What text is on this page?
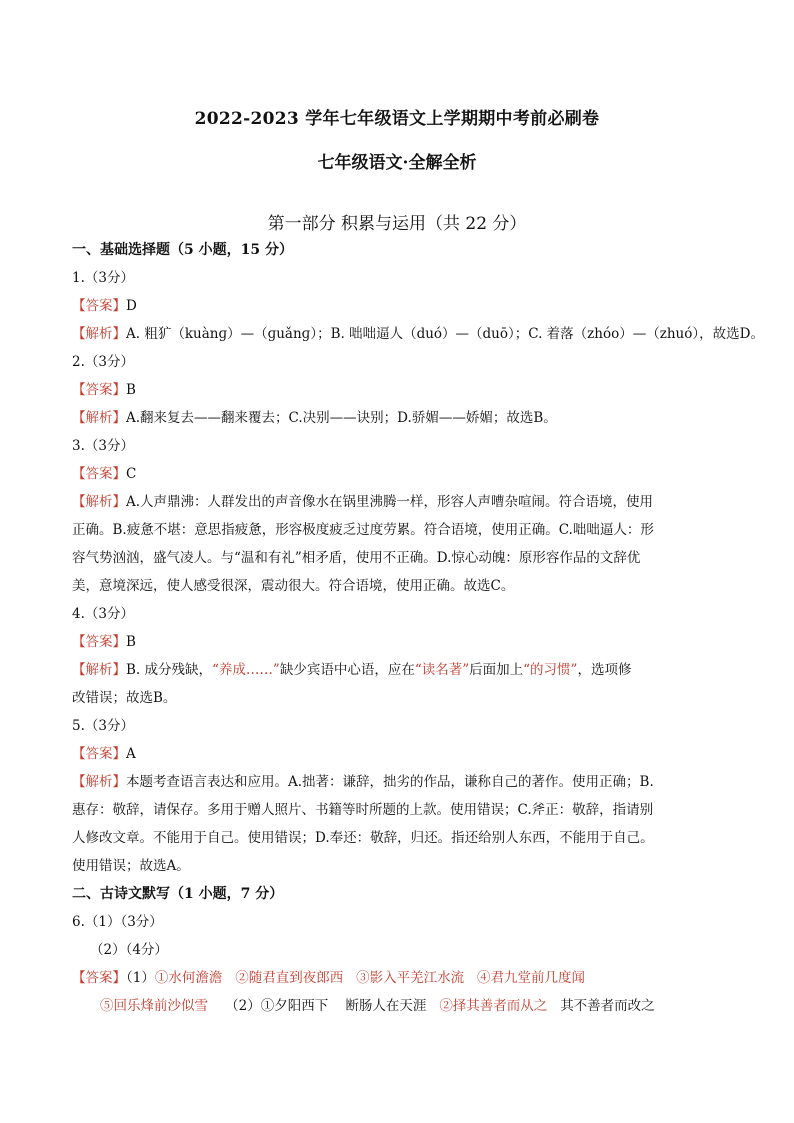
2022-2023 学年七年级语文上学期期中考前必刷卷
七年级语文·全解全析
第一部分 积累与运用（共 22 分）
一、基础选择题（5 小题，15 分）
1.（3分）
【答案】D
【解析】A. 粗犷（kuànɡ）—（ɡuǎnɡ）；B. 咄咄逼人（duó）—（duō）；C. 着落（zhóo）—（zhuó），故选D。
2.（3分）
【答案】B
【解析】A.翻来复去——翻来覆去；C.决别——诀别；D.骄媚——娇媚；故选B。
3.（3分）
【答案】C
【解析】A.人声鼎沸：人群发出的声音像水在锅里沸腾一样，形容人声嘈杂喧闹。符合语境，使用
正确。B.疲惫不堪：意思指疲惫，形容极度疲乏过度劳累。符合语境，使用正确。C.咄咄逼人：形
容气势汹汹，盛气凌人。与“温和有礼”相矛盾，使用不正确。D.惊心动魄：原形容作品的文辞优
美，意境深远，使人感受很深，震动很大。符合语境，使用正确。故选C。
4.（3分）
【答案】B
【解析】B. 成分残缺，“养成……”缺少宾语中心语，应在“读名著”后面加上“的习惯”，选项修
改错误；故选B。
5.（3分）
【答案】A
【解析】本题考查语言表达和应用。A.拙著：谦辞，拙劣的作品，谦称自己的著作。使用正确；B.
惠存：敬辞，请保存。多用于赠人照片、书籍等时所题的上款。使用错误；C.斧正：敬辞，指请别
人修改文章。不能用于自己。使用错误；D.奉还：敬辞，归还。指还给别人东西，不能用于自己。
使用错误；故选A。
二、古诗文默写（1 小题，7 分）
6.（1）（3分）
（2）（4分）
【答案】（1）①水何澹澹 ②随君直到夜郎西 ③影入平羌江水流 ④君九堂前几度闻
⑤回乐烽前沙似雪 （2）①夕阳西下 断肠人在天涯 ②择其善者而从之 其不善者而改之
